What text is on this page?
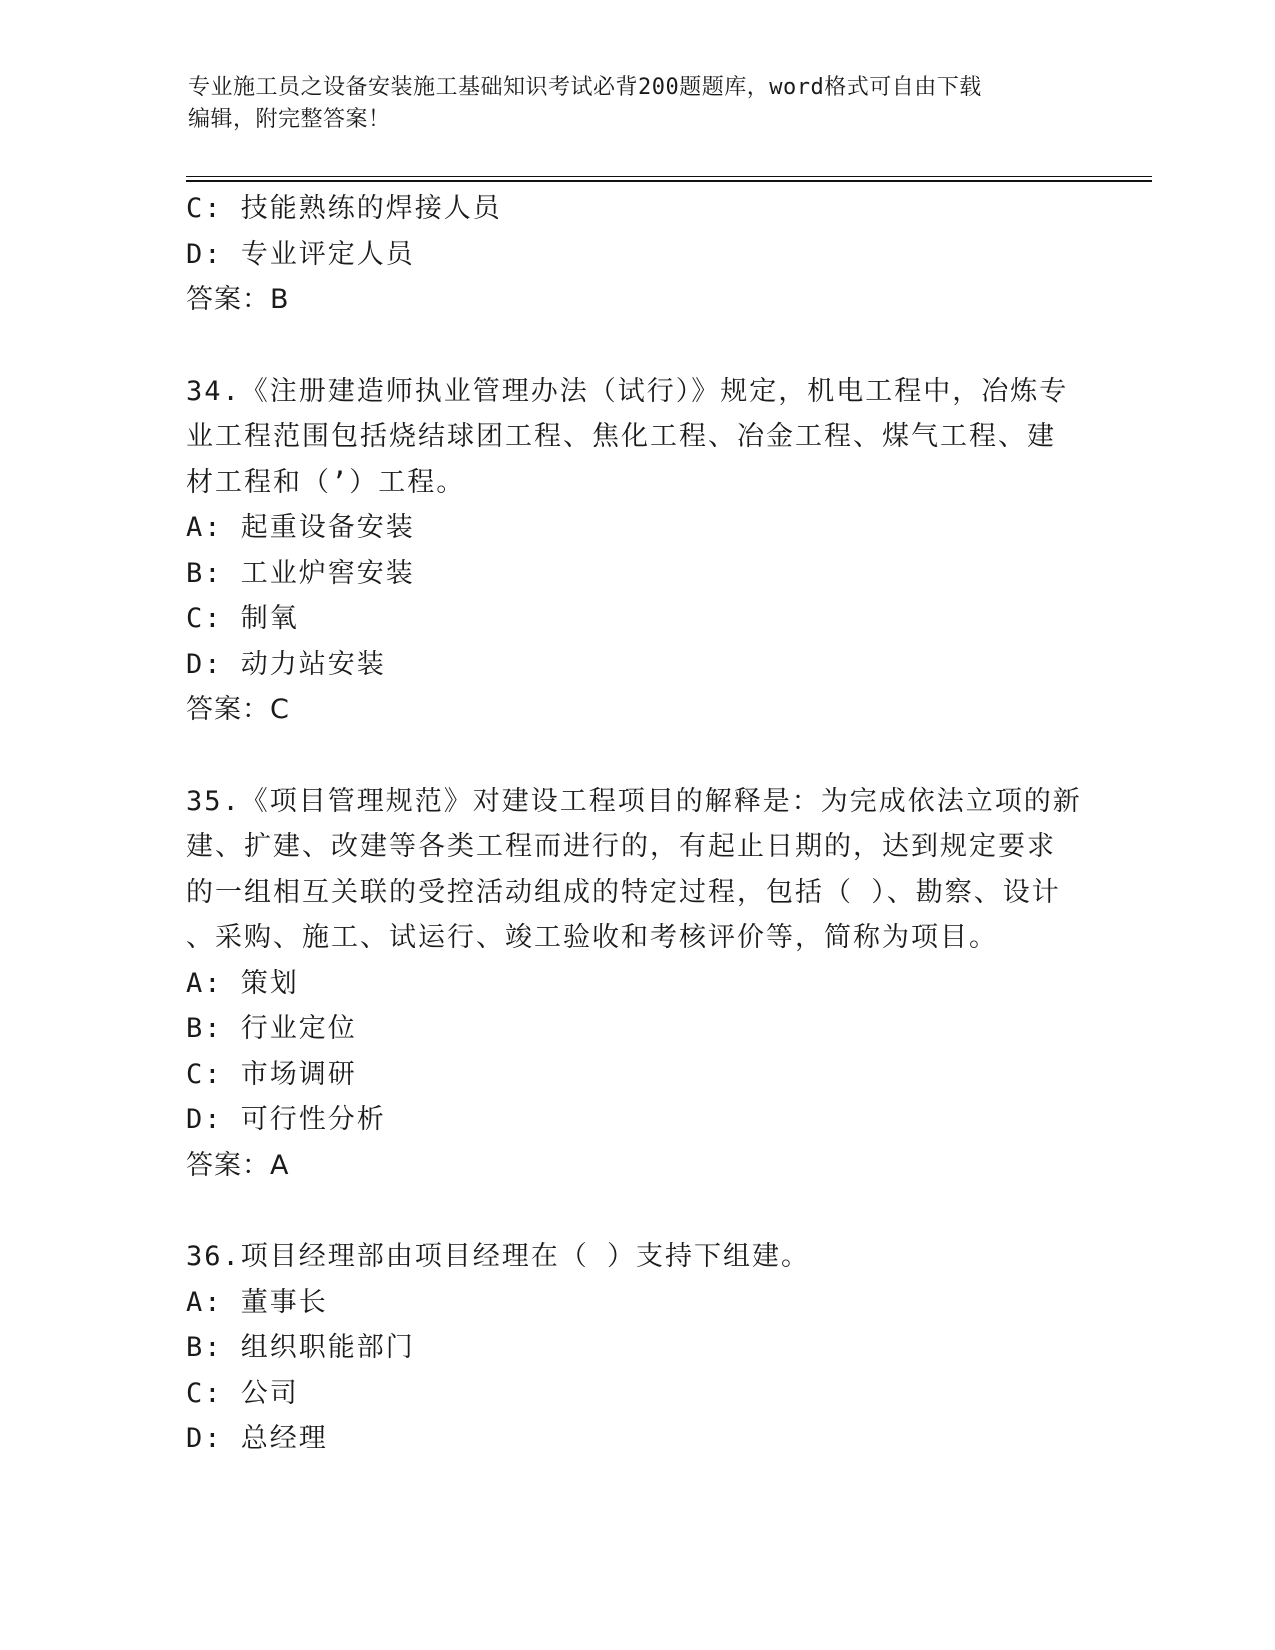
专业施工员之设备安装施工基础知识考试必背200题题库，word格式可自由下载
编辑，附完整答案！
C: 技能熟练的焊接人员
D: 专业评定人员
答案：B
34.《注册建造师执业管理办法（试行）》规定，机电工程中，冶炼专
业工程范围包括烧结球团工程、焦化工程、冶金工程、煤气工程、建
材工程和（’）工程。
A: 起重设备安装
B: 工业炉窖安装
C: 制氧
D: 动力站安装
答案：C
35.《项目管理规范》对建设工程项目的解释是：为完成依法立项的新
建、扩建、改建等各类工程而进行的，有起止日期的，达到规定要求
的一组相互关联的受控活动组成的特定过程，包括（ ）、勘察、设计
、采购、施工、试运行、竣工验收和考核评价等，简称为项目。
A: 策划
B: 行业定位
C: 市场调研
D: 可行性分析
答案：A
36.项目经理部由项目经理在（ ）支持下组建。
A: 董事长
B: 组织职能部门
C: 公司
D: 总经理
